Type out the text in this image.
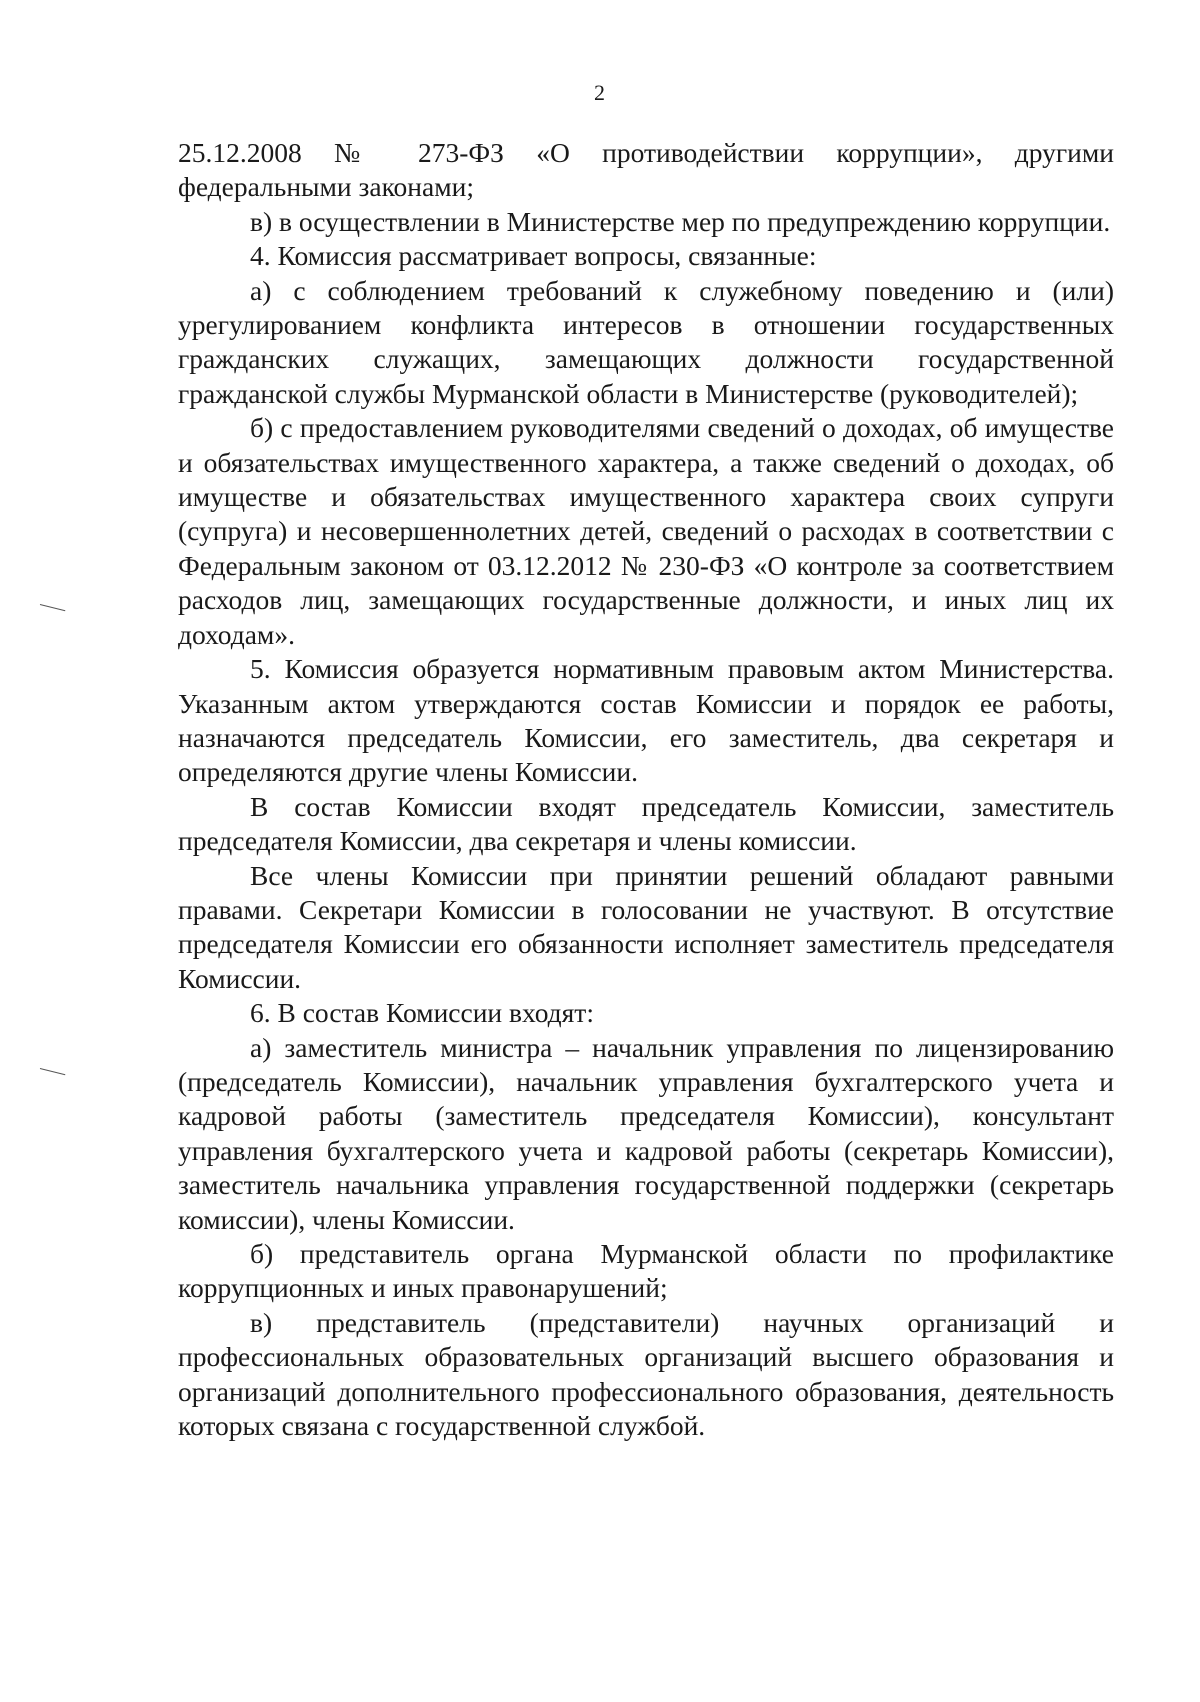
2

25.12.2008 № 273-ФЗ «О противодействии коррупции», другими федеральными законами;

в) в осуществлении в Министерстве мер по предупреждению коррупции.

4. Комиссия рассматривает вопросы, связанные:

а) с соблюдением требований к служебному поведению и (или) урегулированием конфликта интересов в отношении государственных гражданских служащих, замещающих должности государственной гражданской службы Мурманской области в Министерстве (руководителей);

б) с предоставлением руководителями сведений о доходах, об имуществе и обязательствах имущественного характера, а также сведений о доходах, об имуществе и обязательствах имущественного характера своих супруги (супруга) и несовершеннолетних детей, сведений о расходах в соответствии с Федеральным законом от 03.12.2012 № 230-ФЗ «О контроле за соответствием расходов лиц, замещающих государственные должности, и иных лиц их доходам».

5. Комиссия образуется нормативным правовым актом Министерства. Указанным актом утверждаются состав Комиссии и порядок ее работы, назначаются председатель Комиссии, его заместитель, два секретаря и определяются другие члены Комиссии.

В состав Комиссии входят председатель Комиссии, заместитель председателя Комиссии, два секретаря и члены комиссии.

Все члены Комиссии при принятии решений обладают равными правами. Секретари Комиссии в голосовании не участвуют. В отсутствие председателя Комиссии его обязанности исполняет заместитель председателя Комиссии.

6. В состав Комиссии входят:

а) заместитель министра – начальник управления по лицензированию (председатель Комиссии), начальник управления бухгалтерского учета и кадровой работы (заместитель председателя Комиссии), консультант управления бухгалтерского учета и кадровой работы (секретарь Комиссии), заместитель начальника управления государственной поддержки (секретарь комиссии), члены Комиссии.

б) представитель органа Мурманской области по профилактике коррупционных и иных правонарушений;

в) представитель (представители) научных организаций и профессиональных образовательных организаций высшего образования и организаций дополнительного профессионального образования, деятельность которых связана с государственной службой.
